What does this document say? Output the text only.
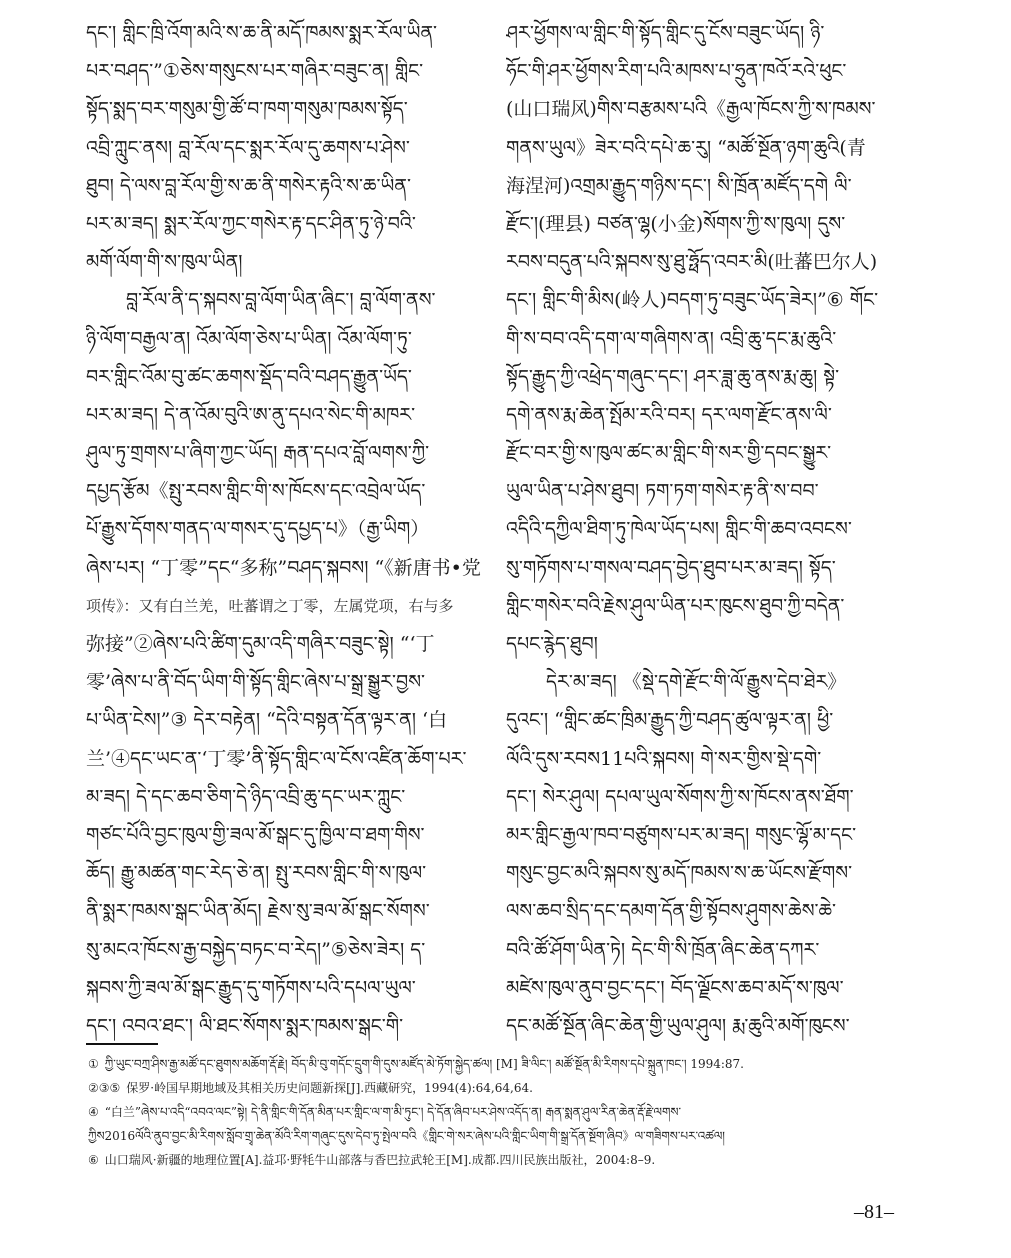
དང་། གླིང་ཁྲི་འོག་མའི་ས་ཆ་ནི་མདོ་ཁམས་སྨར་རོལ་ཡིན་
པར་བཤད་”①ཅེས་གསུངས་པར་གཞིར་བཟུང་ན། གླིང་
སྟོད་སྨད་བར་གསུམ་གྱི་ཚོ་བ་ཁག་གསུམ་ཁམས་སྟོད་
འབྲི་ཀླུང་ནས། བླ་རོལ་དང་སྨར་རོལ་དུ་ཆགས་པ་ཤེས་
ཐུབ། དེ་ལས་བླ་རོལ་གྱི་ས་ཆ་ནི་གསེར་རྟའི་ས་ཆ་ཡིན་
པར་མ་ཟད། སྨར་རོལ་ཀྱང་གསེར་རྟ་དང་ཤིན་ཏུ་ཉེ་བའི་
མགོ་ལོག་གི་ས་ཁུལ་ཡིན།
བླ་རོལ་ནི་ད་སྐབས་བླ་ལོག་ཡིན་ཞིང་། བླ་ལོག་ནས་
ཉི་ལོག་བརྒྱལ་ན། འོམ་ལོག་ཅེས་པ་ཡིན། འོམ་ལོག་ཏུ་
བར་གླིང་འོམ་བུ་ཚང་ཆགས་སྡོད་བའི་བཤད་རྒྱུན་ཡོད་
པར་མ་ཟད། དེ་ན་འོམ་བུའི་ཨ་ནུ་དཔའ་སེང་གི་མཁར་
ཤུལ་ཏུ་གྲགས་པ་ཞིག་ཀྱང་ཡོད། རྒན་དཔའ་བློ་ལགས་ཀྱི་
དཔྱད་རྩོམ《སྤུ་རབས་གླིང་གི་ས་ཁོངས་དང་འབྲེལ་ཡོད་
པོ་རྒྱུས་དོགས་གནད་ལ་གསར་དུ་དཔྱད་པ》（རྒྱ་ཡིག）
ཞེས་པར། “丁零”དང“多称”བཤད་སྐབས། “《新唐书•党
项传》：又有白兰羌，吐蕃谓之丁零，左属党项，右与多
弥接”②ཞེས་པའི་ཚིག་དུམ་འདི་གཞིར་བཟུང་སྟེ། “‘丁
零’ཞེས་པ་ནི་བོད་ཡིག་གི་སྟོད་གླིང་ཞེས་པ་སྒྲ་སྒྱུར་བྱས་
པ་ཡིན་ངེས།”③ དེར་བརྟེན། “དེའི་བསྟན་དོན་ལྟར་ན། ‘白
兰’④དང་ཡང་ན་‘丁零’ནི་སྟོད་གླིང་ལ་ངོས་འཛིན་ཆོག་པར་
མ་ཟད། དེ་དང་ཆབ་ཅིག་དེ་ཉིད་འབྲི་ཆུ་དང་ཡར་ཀླུང་
གཙང་པོའི་བྱང་ཁུལ་གྱི་ཟལ་མོ་སྒང་དུ་ཁྱིལ་བ་ཐག་གིས་
ཆོད། རྒྱུ་མཚན་གང་རེད་ཅེ་ན། སྤུ་རབས་གླིང་གི་ས་ཁུལ་
ནི་སྨར་ཁམས་སྒང་ཡིན་མོད། རྗེས་སུ་ཟལ་མོ་སྒང་སོགས་
སུ་མངའ་ཁོངས་རྒྱ་བསྐྱེད་བཏང་བ་རེད།”⑤ཅེས་ཟེར། ད་
སྐབས་ཀྱི་ཟལ་མོ་སྒང་རྒྱུད་དུ་གཏོགས་པའི་དཔལ་ཡུལ་
དང་། འབའ་ཐང་། ལི་ཐང་སོགས་སྨར་ཁམས་སྒང་གི་
ཤར་ཕྱོགས་ལ་གླིང་གི་སྟོད་གླིང་དུ་ངོས་བཟུང་ཡོད། ཉི་
ཧོང་གི་ཤར་ཕྱོགས་རིག་པའི་མཁས་པ་ཧྲུན་ཁའོ་རའེ་ཕུང་
(山口瑞风)གིས་བརྩམས་པའི《རྒྱལ་ཁོངས་ཀྱི་ས་ཁམས་
གནས་ཡུལ》ཟེར་བའི་དཔེ་ཆ་རུ། “མཚོ་སྔོན་ཉག་ཆུའི(青
海涅河)འགྲམ་རྒྱུད་གཉིས་དང་། སི་ཁྲོན་མཛོད་དགེ ལི་
རྫོང་།(理县) བཙན་ལྷ(小金)སོགས་ཀྱི་ས་ཁུལ། དུས་
རབས་བདུན་པའི་སྐབས་སུ་ཐུ་ཧྥོད་འབར་མི(吐蕃巴尔人)
དང་། གླིང་གི་མིས(岭人)བདག་ཏུ་བཟུང་ཡོད་ཟེར།”⑥ གོང་
གི་ས་བབ་འདི་དག་ལ་གཞིགས་ན། འབྲི་ཆུ་དང་རྨ་ཆུའི་
སྟོད་རྒྱུད་ཀྱི་འཕྲེད་གཞུང་དང་། ཤར་ཟླ་ཆུ་ནས་རྨ་ཆུ། སྟེ་
དགེ་ནས་རྨ་ཆེན་སྤོམ་རའི་བར། དར་ལག་རྫོང་ནས་ལི་
རྫོང་བར་གྱི་ས་ཁུལ་ཚང་མ་གླིང་གི་སར་གྱི་དབང་སྒྱུར་
ཡུལ་ཡིན་པ་ཤེས་ཐུབ། ཏག་ཏག་གསེར་རྟ་ནི་ས་བབ་
འདིའི་དཀྱིལ་ཐིག་ཏུ་ཁེལ་ཡོད་པས། གླིང་གི་ཆབ་འབངས་
སུ་གཏོགས་པ་གསལ་བཤད་བྱེད་ཐུབ་པར་མ་ཟད། སྟོད་
གླིང་གསེར་བའི་རྗེས་ཤུལ་ཡིན་པར་ཁུངས་ཐུབ་ཀྱི་བདེན་
དཔང་རྙེད་ཐུབ།
དེར་མ་ཟད། 《སྡེ་དགེ་རྫོང་གི་ལོ་རྒྱུས་དེབ་ཐེར》
དུའང་། “གླིང་ཚང་ཁྲིམ་རྒྱུད་ཀྱི་བཤད་ཚུལ་ལྟར་ན། ཕྱི་
ལོའི་དུས་རབས11པའི་སྐབས། གེ་སར་གྱིས་སྡེ་དགེ་
དང་། སེར་ཤུལ། དཔལ་ཡུལ་སོགས་ཀྱི་ས་ཁོངས་ནས་ཐོག་
མར་གླིང་རྒྱལ་ཁབ་བཙུགས་པར་མ་ཟད། གསུང་ལྷོ་མ་དང་
གསུང་བྱང་མའི་སྐབས་སུ་མདོ་ཁམས་ས་ཆ་ཡོངས་རྫོགས་
ལས་ཆབ་སྲིད་དང་དམག་དོན་གྱི་སྟོབས་ཤུགས་ཆེས་ཆེ་
བའི་ཚོ་ཤོག་ཡིན་ཏེ། དེང་གི་སི་ཁྲོན་ཞིང་ཆེན་དཀར་
མཛེས་ཁུལ་ནུབ་བྱང་དང་། བོད་ལྗོངས་ཆབ་མདོ་ས་ཁུལ་
དང་མཚོ་སྔོན་ཞིང་ཆེན་གྱི་ཡུལ་ཤུལ། རྨ་ཆུའི་མགོ་ཁུངས་
① ཀྱི་ཡུང་བཀྲ་ཤིས་རྒྱ་མཚོ་དང་ཐུགས་མཆོག་རྡོ་རྗེ། བོད་མི་བུ་གདོང་དྲུག་གི་དུས་མཛོད་མེ་ཏོག་སྐྱེད་ཚལ། [M] ཟི་ལིང་། མཚོ་སྔོན་མི་རིགས་དཔེ་སྐྲུན་ཁང་། 1994:87.
②③⑤ 保罗·岭国早期地域及其相关历史问题新探[J].西藏研究，1994(4):64,64,64.
④ “白兰”ཞེས་པ་འདི“འབའ་ལང”སྟེ། དེ་ནི་གླིང་གི་དོན་མིན་པར་གླིང་ལ་ག་མི་ཏུང་། དེ་དོན་ཞིབ་པར་ཤེས་འདོད་ན། རྒན་སྨན་ཤུལ་རིན་ཆེན་རྡོ་རྗེ་ལགས་
ཀྱིས2016ལོའི་ནུབ་བྱང་མི་རིགས་སློབ་གྲྭ་ཆེན་མོའི་རིག་གཞུང་དུས་དེབ་ཏུ་སྤེལ་བའི《གླིང་གེ་སར་ཞེས་པའི་གླིང་ཡིག་གི་སྒྲ་དོན་སྔོག་ཞིབ》ལ་གཟིགས་པར་འཚལ།
⑥ 山口瑞风·新疆的地理位置[A].益邛·野牦牛山部落与香巴拉武轮王[M].成都.四川民族出版社，2004:8–9.
–81–
